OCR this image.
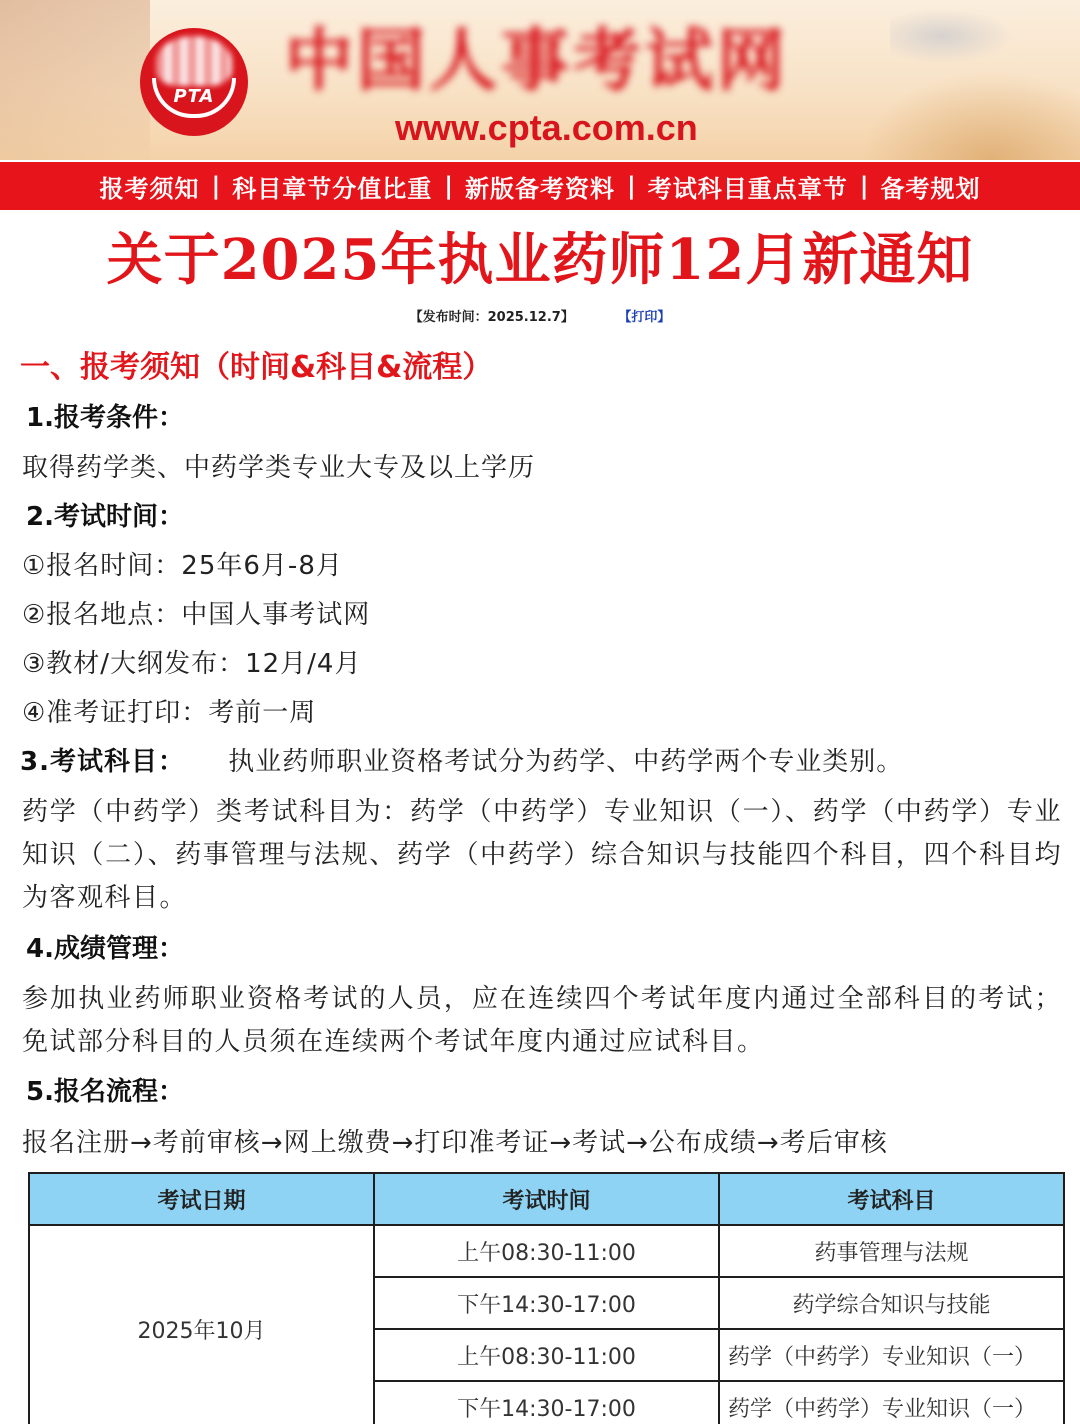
PTA	中国人事考试网
www.cpta.com.cn
报考须知 | 科目章节分值比重 | 新版备考资料 | 考试科目重点章节 | 备考规划
关于2025年执业药师12月新通知
【发布时间：2025.12.7】	【打印】
一、报考须知（时间&科目&流程）
1.报考条件：
取得药学类、中药学类专业大专及以上学历
2.考试时间：
①报名时间：25年6月-8月
②报名地点：中国人事考试网
③教材/大纲发布：12月/4月
④准考证打印：考前一周
3.考试科目： 执业药师职业资格考试分为药学、中药学两个专业类别。
药学（中药学）类考试科目为：药学（中药学）专业知识（一）、药学（中药学）专业知识（二）、药事管理与法规、药学（中药学）综合知识与技能四个科目，四个科目均为客观科目。
4.成绩管理：
参加执业药师职业资格考试的人员，应在连续四个考试年度内通过全部科目的考试；免试部分科目的人员须在连续两个考试年度内通过应试科目。
5.报名流程：
报名注册→考前审核→网上缴费→打印准考证→考试→公布成绩→考后审核
考试日期	考试时间	考试科目
2025年10月	上午08:30-11:00	药事管理与法规
	下午14:30-17:00	药学综合知识与技能
	上午08:30-11:00	药学（中药学）专业知识（一）
	下午14:30-17:00	药学（中药学）专业知识（一）
